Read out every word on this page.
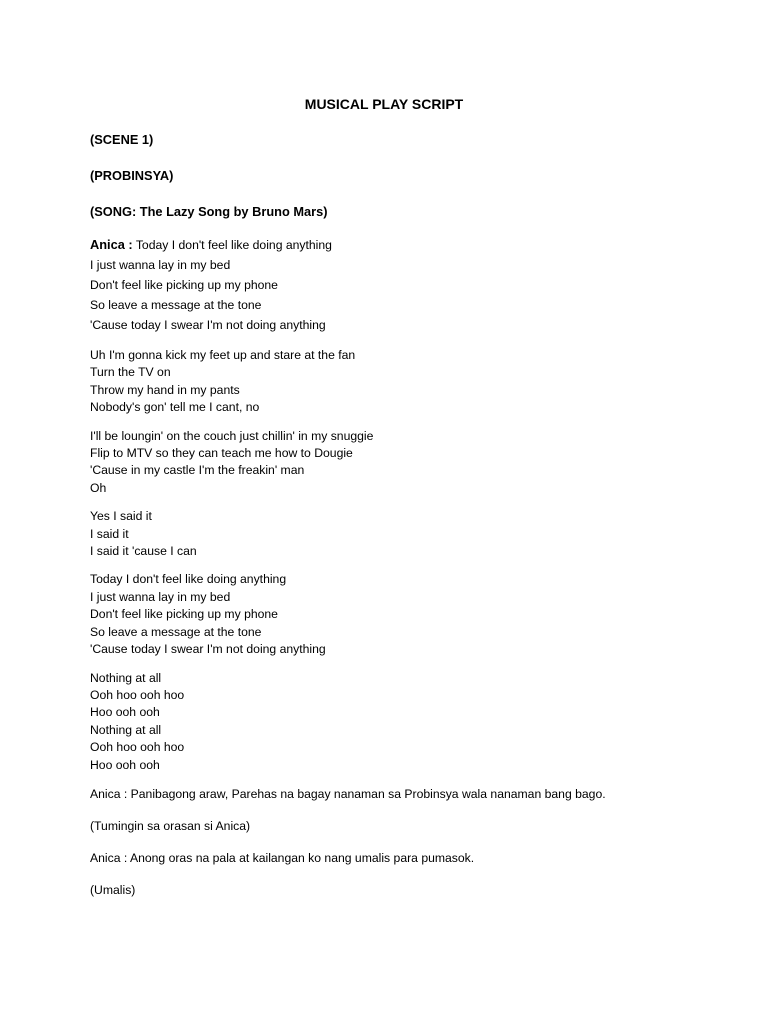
MUSICAL PLAY SCRIPT
(SCENE 1)
(PROBINSYA)
(SONG: The Lazy Song by Bruno Mars)
Anica : Today I don't feel like doing anything
I just wanna lay in my bed
Don't feel like picking up my phone
So leave a message at the tone
'Cause today I swear I'm not doing anything
Uh I'm gonna kick my feet up and stare at the fan
Turn the TV on
Throw my hand in my pants
Nobody's gon' tell me I cant, no
I'll be loungin' on the couch just chillin' in my snuggie
Flip to MTV so they can teach me how to Dougie
'Cause in my castle I'm the freakin' man
Oh
Yes I said it
I said it
I said it 'cause I can
Today I don't feel like doing anything
I just wanna lay in my bed
Don't feel like picking up my phone
So leave a message at the tone
'Cause today I swear I'm not doing anything
Nothing at all
Ooh hoo ooh hoo
Hoo ooh ooh
Nothing at all
Ooh hoo ooh hoo
Hoo ooh ooh
Anica : Panibagong araw, Parehas na bagay nanaman sa Probinsya wala nanaman bang bago.
(Tumingin sa orasan si Anica)
Anica : Anong oras na pala at kailangan ko nang umalis para pumasok.
(Umalis)
